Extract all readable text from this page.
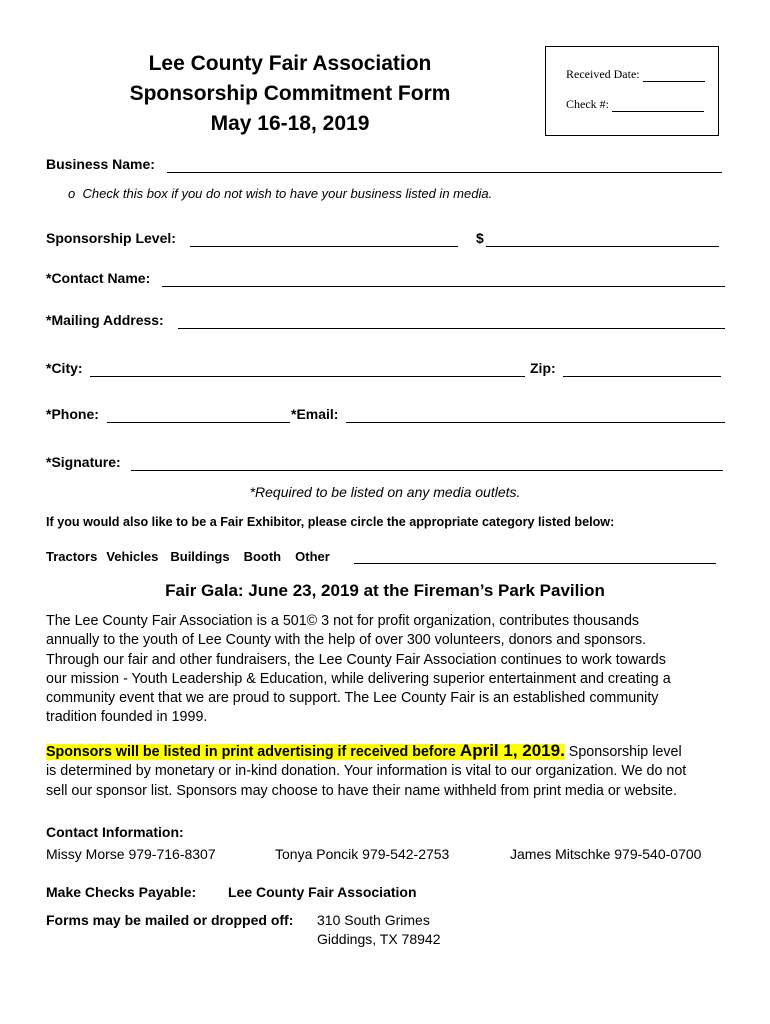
Lee County Fair Association
Sponsorship Commitment Form
May 16-18, 2019
Received Date:
Check #:
Business Name:
o Check this box if you do not wish to have your business listed in media.
Sponsorship Level:	$
*Contact Name:
*Mailing Address:
*City:	Zip:
*Phone:	*Email:
*Signature:
*Required to be listed on any media outlets.
If you would also like to be a Fair Exhibitor, please circle the appropriate category listed below:
Tractors Vehicles Buildings Booth Other
Fair Gala: June 23, 2019 at the Fireman’s Park Pavilion
The Lee County Fair Association is a 501© 3 not for profit organization, contributes thousands
annually to the youth of Lee County with the help of over 300 volunteers, donors and sponsors.
Through our fair and other fundraisers, the Lee County Fair Association continues to work towards
our mission - Youth Leadership & Education, while delivering superior entertainment and creating a
community event that we are proud to support. The Lee County Fair is an established community
tradition founded in 1999.
Sponsors will be listed in print advertising if received before April 1, 2019. Sponsorship level
is determined by monetary or in-kind donation. Your information is vital to our organization. We do not
sell our sponsor list. Sponsors may choose to have their name withheld from print media or website.
Contact Information:
Missy Morse 979-716-8307	Tonya Poncik 979-542-2753	James Mitschke 979-540-0700
Make Checks Payable: Lee County Fair Association
Forms may be mailed or dropped off: 310 South Grimes
Giddings, TX 78942
